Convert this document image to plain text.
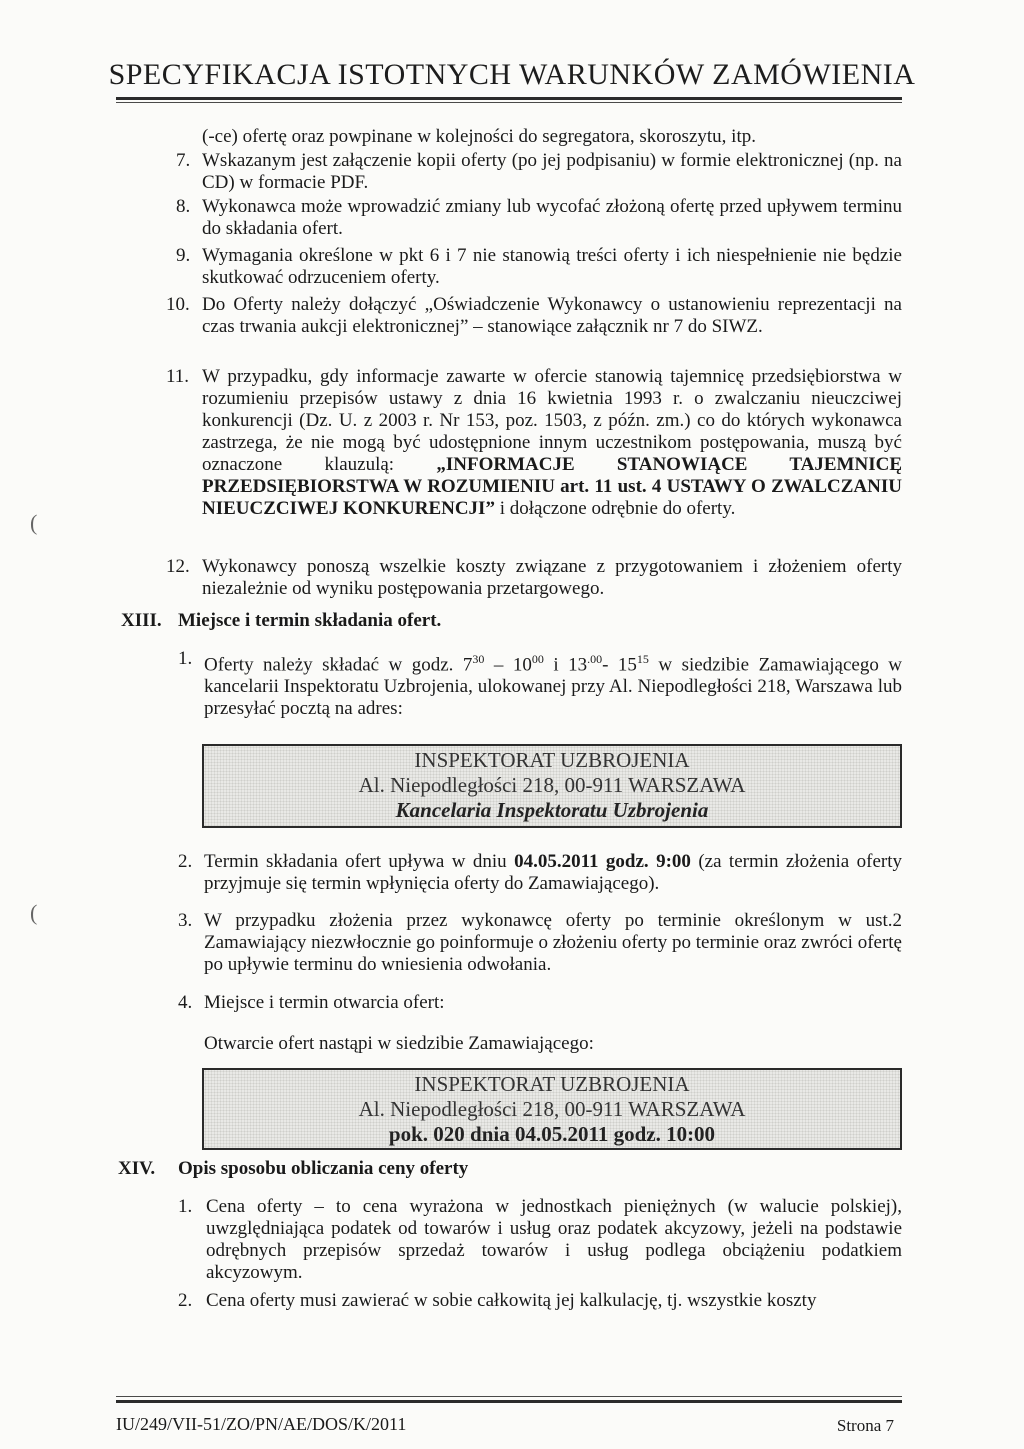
SPECYFIKACJA ISTOTNYCH WARUNKÓW ZAMÓWIENIA
(-ce) ofertę oraz powpinane w kolejności do segregatora, skoroszytu, itp.
7. Wskazanym jest załączenie kopii oferty (po jej podpisaniu) w formie elektronicznej (np. na CD) w formacie PDF.
8. Wykonawca może wprowadzić zmiany lub wycofać złożoną ofertę przed upływem terminu do składania ofert.
9. Wymagania określone w pkt 6 i 7 nie stanowią treści oferty i ich niespełnienie nie będzie skutkować odrzuceniem oferty.
10. Do Oferty należy dołączyć „Oświadczenie Wykonawcy o ustanowieniu reprezentacji na czas trwania aukcji elektronicznej” – stanowiące załącznik nr 7 do SIWZ.
11. W przypadku, gdy informacje zawarte w ofercie stanowią tajemnicę przedsiębiorstwa w rozumieniu przepisów ustawy z dnia 16 kwietnia 1993 r. o zwalczaniu nieuczciwej konkurencji (Dz. U. z 2003 r. Nr 153, poz. 1503, z późn. zm.) co do których wykonawca zastrzega, że nie mogą być udostępnione innym uczestnikom postępowania, muszą być oznaczone klauzulą: „INFORMACJE STANOWIĄCE TAJEMNICĘ PRZEDSIĘBIORSTWA W ROZUMIENIU art. 11 ust. 4 USTAWY O ZWALCZANIU NIEUCZCIWEJ KONKURENCJI” i dołączone odrębnie do oferty.
12. Wykonawcy ponoszą wszelkie koszty związane z przygotowaniem i złożeniem oferty niezależnie od wyniku postępowania przetargowego.
XIII. Miejsce i termin składania ofert.
1. Oferty należy składać w godz. $7^{30} - 10^{00}$ i $13^{.00}-$ $15^{15}$ w siedzibie Zamawiającego w kancelarii Inspektoratu Uzbrojenia, ulokowanej przy Al. Niepodległości 218, Warszawa lub przesyłać pocztą na adres:
INSPEKTORAT UZBROJENIA
Al. Niepodległości 218, 00-911 WARSZAWA
Kancelaria Inspektoratu Uzbrojenia
2. Termin składania ofert upływa w dniu 04.05.2011 godz. 9:00 (za termin złożenia oferty przyjmuje się termin wpłynięcia oferty do Zamawiającego).
3. W przypadku złożenia przez wykonawcę oferty po terminie określonym w ust.2 Zamawiający niezwłocznie go poinformuje o złożeniu oferty po terminie oraz zwróci ofertę po upływie terminu do wniesienia odwołania.
4. Miejsce i termin otwarcia ofert:
Otwarcie ofert nastąpi w siedzibie Zamawiającego:
INSPEKTORAT UZBROJENIA
Al. Niepodległości 218, 00-911 WARSZAWA
pok. 020 dnia 04.05.2011 godz. 10:00
XIV. Opis sposobu obliczania ceny oferty
1. Cena oferty – to cena wyrażona w jednostkach pieniężnych (w walucie polskiej), uwzględniająca podatek od towarów i usług oraz podatek akcyzowy, jeżeli na podstawie odrębnych przepisów sprzedaż towarów i usług podlega obciążeniu podatkiem akcyzowym.
2. Cena oferty musi zawierać w sobie całkowitą jej kalkulację, tj. wszystkie koszty
(
(
IU/249/VII-51/ZO/PN/AE/DOS/K/2011	Strona 7
